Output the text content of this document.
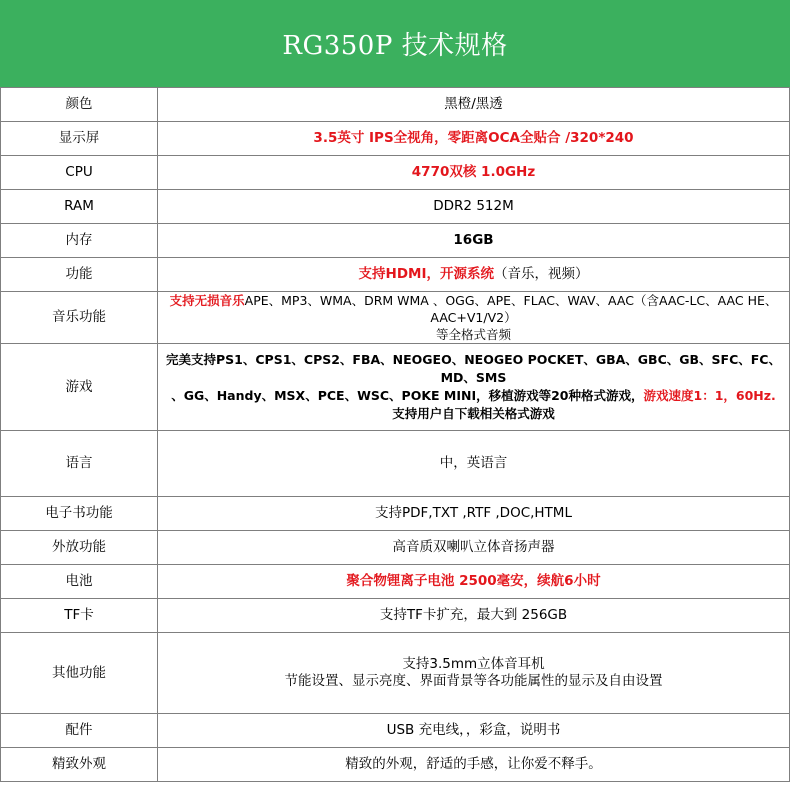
RG350P 技术规格
颜色	黑橙/黑透
显示屏	3.5英寸 IPS全视角，零距离OCA全贴合 /320*240
CPU	4770双核 1.0GHz
RAM	DDR2 512M
内存	16GB
功能	支持HDMI，开源系统（音乐，视频）
音乐功能	支持无损音乐APE、MP3、WMA、DRM WMA 、OGG、APE、FLAC、WAV、AAC（含AAC-LC、AAC HE、AAC+V1/V2）
等全格式音频
游戏	完美支持PS1、CPS1、CPS2、FBA、NEOGEO、NEOGEO POCKET、GBA、GBC、GB、SFC、FC、MD、SMS
、GG、Handy、MSX、PCE、WSC、POKE MINI，移植游戏等20种格式游戏，游戏速度1：1，60Hz.
支持用户自下载相关格式游戏
语言	中，英语言
电子书功能	支持PDF,TXT ,RTF ,DOC,HTML
外放功能	高音质双喇叭立体音扬声器
电池	聚合物锂离子电池 2500毫安，续航6小时
TF卡	支持TF卡扩充，最大到 256GB
其他功能	支持3.5mm立体音耳机
节能设置、显示亮度、界面背景等各功能属性的显示及自由设置
配件	USB 充电线，，彩盒，说明书
精致外观	精致的外观，舒适的手感，让你爱不释手。
